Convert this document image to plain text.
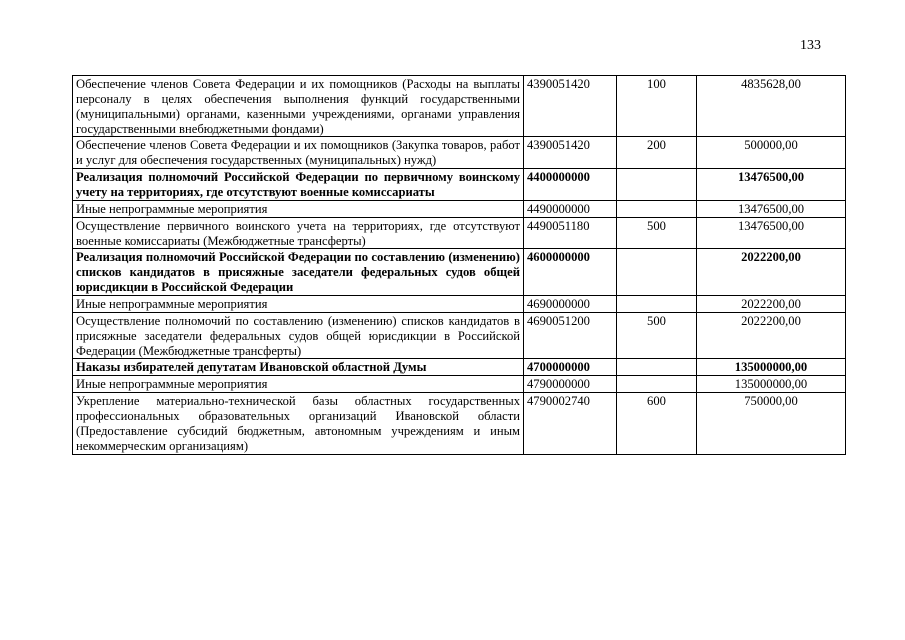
133
Обеспечение членов Совета Федерации и их помощников (Расходы на выплаты персоналу в целях обеспечения выполнения функций государственными (муниципальными) органами, казенными учреждениями, органами управления государственными внебюджетными фондами)	4390051420	100	4835628,00
Обеспечение членов Совета Федерации и их помощников (Закупка товаров, работ и услуг для обеспечения государственных (муниципальных) нужд)	4390051420	200	500000,00
Реализация полномочий Российской Федерации по первичному воинскому учету на территориях, где отсутствуют военные комиссариаты	4400000000		13476500,00
Иные непрограммные мероприятия	4490000000		13476500,00
Осуществление первичного воинского учета на территориях, где отсутствуют военные комиссариаты (Межбюджетные трансферты)	4490051180	500	13476500,00
Реализация полномочий Российской Федерации по составлению (изменению) списков кандидатов в присяжные заседатели федеральных судов общей юрисдикции в Российской Федерации	4600000000		2022200,00
Иные непрограммные мероприятия	4690000000		2022200,00
Осуществление полномочий по составлению (изменению) списков кандидатов в присяжные заседатели федеральных судов общей юрисдикции в Российской Федерации (Межбюджетные трансферты)	4690051200	500	2022200,00
Наказы избирателей депутатам Ивановской областной Думы	4700000000		135000000,00
Иные непрограммные мероприятия	4790000000		135000000,00
Укрепление материально-технической базы областных государственных профессиональных образовательных организаций Ивановской области (Предоставление субсидий бюджетным, автономным учреждениям и иным некоммерческим организациям)	4790002740	600	750000,00
